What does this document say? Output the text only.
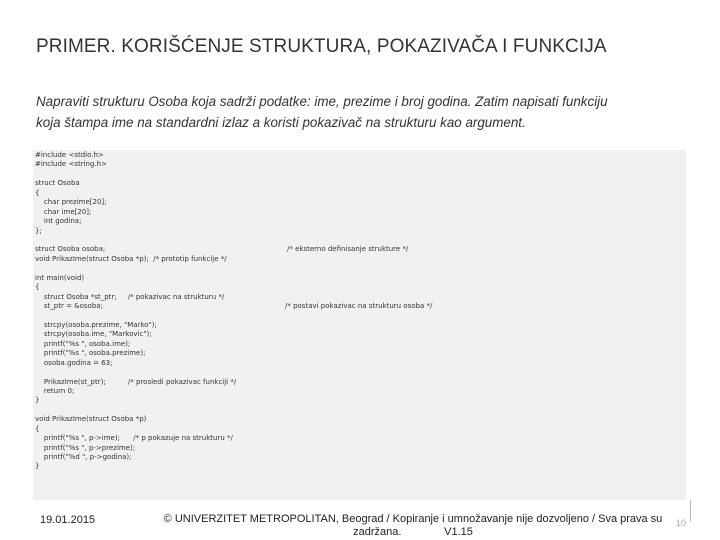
PRIMER. KORIŠĆENJE STRUKTURA, POKAZIVAČA I FUNKCIJA
Napraviti strukturu Osoba koja sadrži podatke: ime, prezime i broj godina. Zatim napisati funkciju
koja štampa ime na standardni izlaz a koristi pokazivač na strukturu kao argument.
#include <stdio.h>
#include <string.h>
struct Osoba
{
char prezime[20];
char ime[20];
int godina;
};
struct Osoba osoba;	/* eksterno definisanje strukture */
void PrikazIme(struct Osoba *p);  /* prototip funkcije */
int main(void)
{
struct Osoba *st_ptr;     /* pokazivac na strukturu */
st_ptr = &osoba;	/* postavi pokazivac na strukturu osoba */
strcpy(osoba.prezime, "Marko");
strcpy(osoba.ime, "Markovic");
printf("%s ", osoba.ime);
printf("%s ", osoba.prezime);
osoba.godina = 63;
PrikazIme(st_ptr);          /* prosledi pokazivac funkciji */
return 0;
}
void PrikazIme(struct Osoba *p)
{
printf("%s ", p->ime);      /* p pokazuje na strukturu */
printf("%s ", p->prezime);
printf("%d ", p->godina);
}
19.01.2015	© UNIVERZITET METROPOLITAN, Beograd / Kopiranje i umnožavanje nije dozvoljeno / Sva prava su
zadržana.              V1.15
10
